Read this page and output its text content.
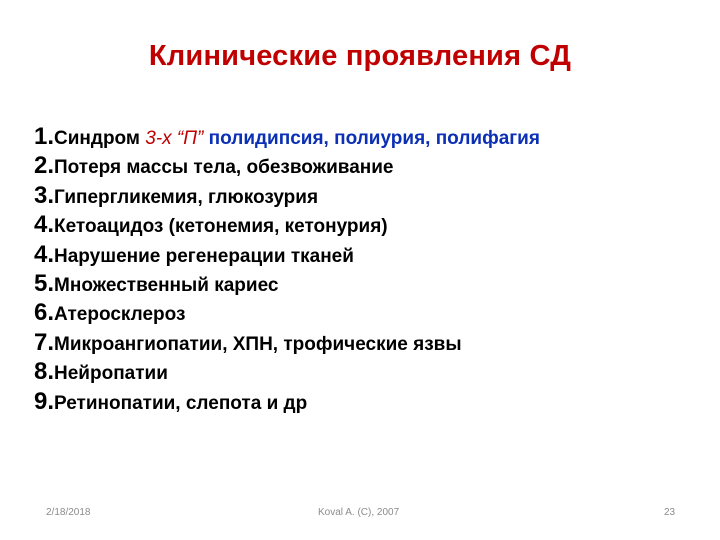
Клинические проявления СД
1.Синдром 3-х “П” полидипсия, полиурия, полифагия
2.Потеря массы тела, обезвоживание
3.Гипергликемия, глюкозурия
4.Кетоацидоз (кетонемия, кетонурия)
4.Нарушение регенерации тканей
5.Множественный кариес
6.Атеросклероз
7.Микроангиопатии, ХПН, трофические язвы
8.Нейропатии
9.Ретинопатии, слепота и др
2/18/2018	Koval A. (C), 2007	23
